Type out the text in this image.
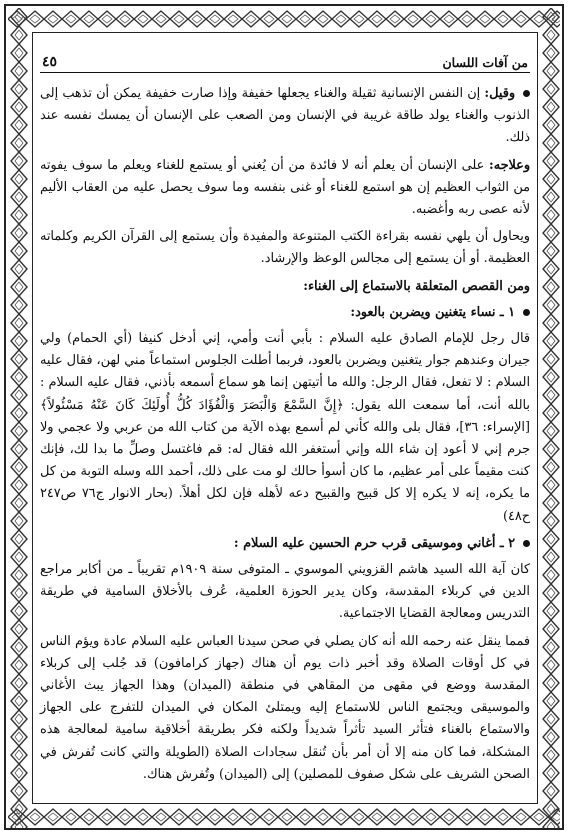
من آفات اللسان
٤٥

وقيل: إن النفس الإنسانية ثقيلة والغناء يجعلها خفيفة وإذا صارت خفيفة يمكن أن تذهب إلى الذنوب والغناء يولد طاقة غريبة في الإنسان ومن الصعب على الإنسان أن يمسك نفسه عند ذلك.

وعلاجه: على الإنسان أن يعلم أنه لا فائدة من أن يُغني أو يستمع للغناء ويعلم ما سوف يفوته من الثواب العظيم إن هو استمع للغناء أو غنى بنفسه وما سوف يحصل عليه من العقاب الأليم لأنه عصى ربه وأغضبه.

ويحاول أن يلهي نفسه بقراءة الكتب المتنوعة والمفيدة وأن يستمع إلى القرآن الكريم وكلماته العظيمة. أو أن يستمع إلى مجالس الوعظ والإرشاد.

ومن القصص المتعلقة بالاستماع إلى الغناء:

١ ـ نساء يتغنين ويضربن بالعود:

قال رجل للإمام الصادق عليه السلام : بأبي أنت وأمي، إني أدخل كنيفا (أي الحمام) ولي جيران وعندهم جوار يتغنين ويضربن بالعود، فربما أطلت الجلوس استماعاً مني لهن، فقال عليه السلام : لا تفعل، فقال الرجل: والله ما أتيتهن إنما هو سماع أسمعه بأذني، فقال عليه السلام : بالله أنت، أما سمعت الله يقول: ﴿إِنَّ السَّمْعَ وَالْبَصَرَ وَالْفُؤَادَ كُلُّ أُولَئِكَ كَانَ عَنْهُ مَسْئُولاً﴾ [الإسراء: ٣٦]، فقال بلى والله كأني لم أسمع بهذه الآية من كتاب الله من عربي ولا عجمي ولا جرم إني لا أعود إن شاء الله وإني أستغفر الله فقال له: قم فاغتسل وصلِّ ما بدا لك، فإنك كنت مقيماً على أمر عظيم، ما كان أسوأ حالك لو مت على ذلك، أحمد الله وسله التوبة من كل ما يكره، إنه لا يكره إلا كل قبيح والقبيح دعه لأهله فإن لكل أهلاً. (بحار الانوار ج٧٦ ص٢٤٧ ح٤٨)

٢ ـ أغاني وموسيقى قرب حرم الحسين عليه السلام :

كان آية الله السيد هاشم القزويني الموسوي ـ المتوفى سنة ١٩٠٩م تقريباً ـ من أكابر مراجع الدين في كربلاء المقدسة، وكان يدير الحوزة العلمية، عُرف بالأخلاق السامية في طريقة التدريس ومعالجة القضايا الاجتماعية.

فمما ينقل عنه رحمه الله أنه كان يصلي في صحن سيدنا العباس عليه السلام عادة ويؤم الناس في كل أوقات الصلاة وقد أخبر ذات يوم أن هناك (جهاز كرامافون) قد جُلب إلى كربلاء المقدسة ووضع في مقهى من المقاهي في منطقة (الميدان) وهذا الجهاز يبث الأغاني والموسيقى ويجتمع الناس للاستماع إليه ويمتلئ المكان في الميدان للتفرج على الجهاز والاستماع بالغناء فتأثر السيد تأثراً شديداً ولكنه فكر بطريقة أخلاقية سامية لمعالجة هذه المشكلة، فما كان منه إلا أن أمر بأن تُنقل سجادات الصلاة (الطويلة والتي كانت تُفرش في الصحن الشريف على شكل صفوف للمصلين) إلى (الميدان) وتُفرش هناك.
